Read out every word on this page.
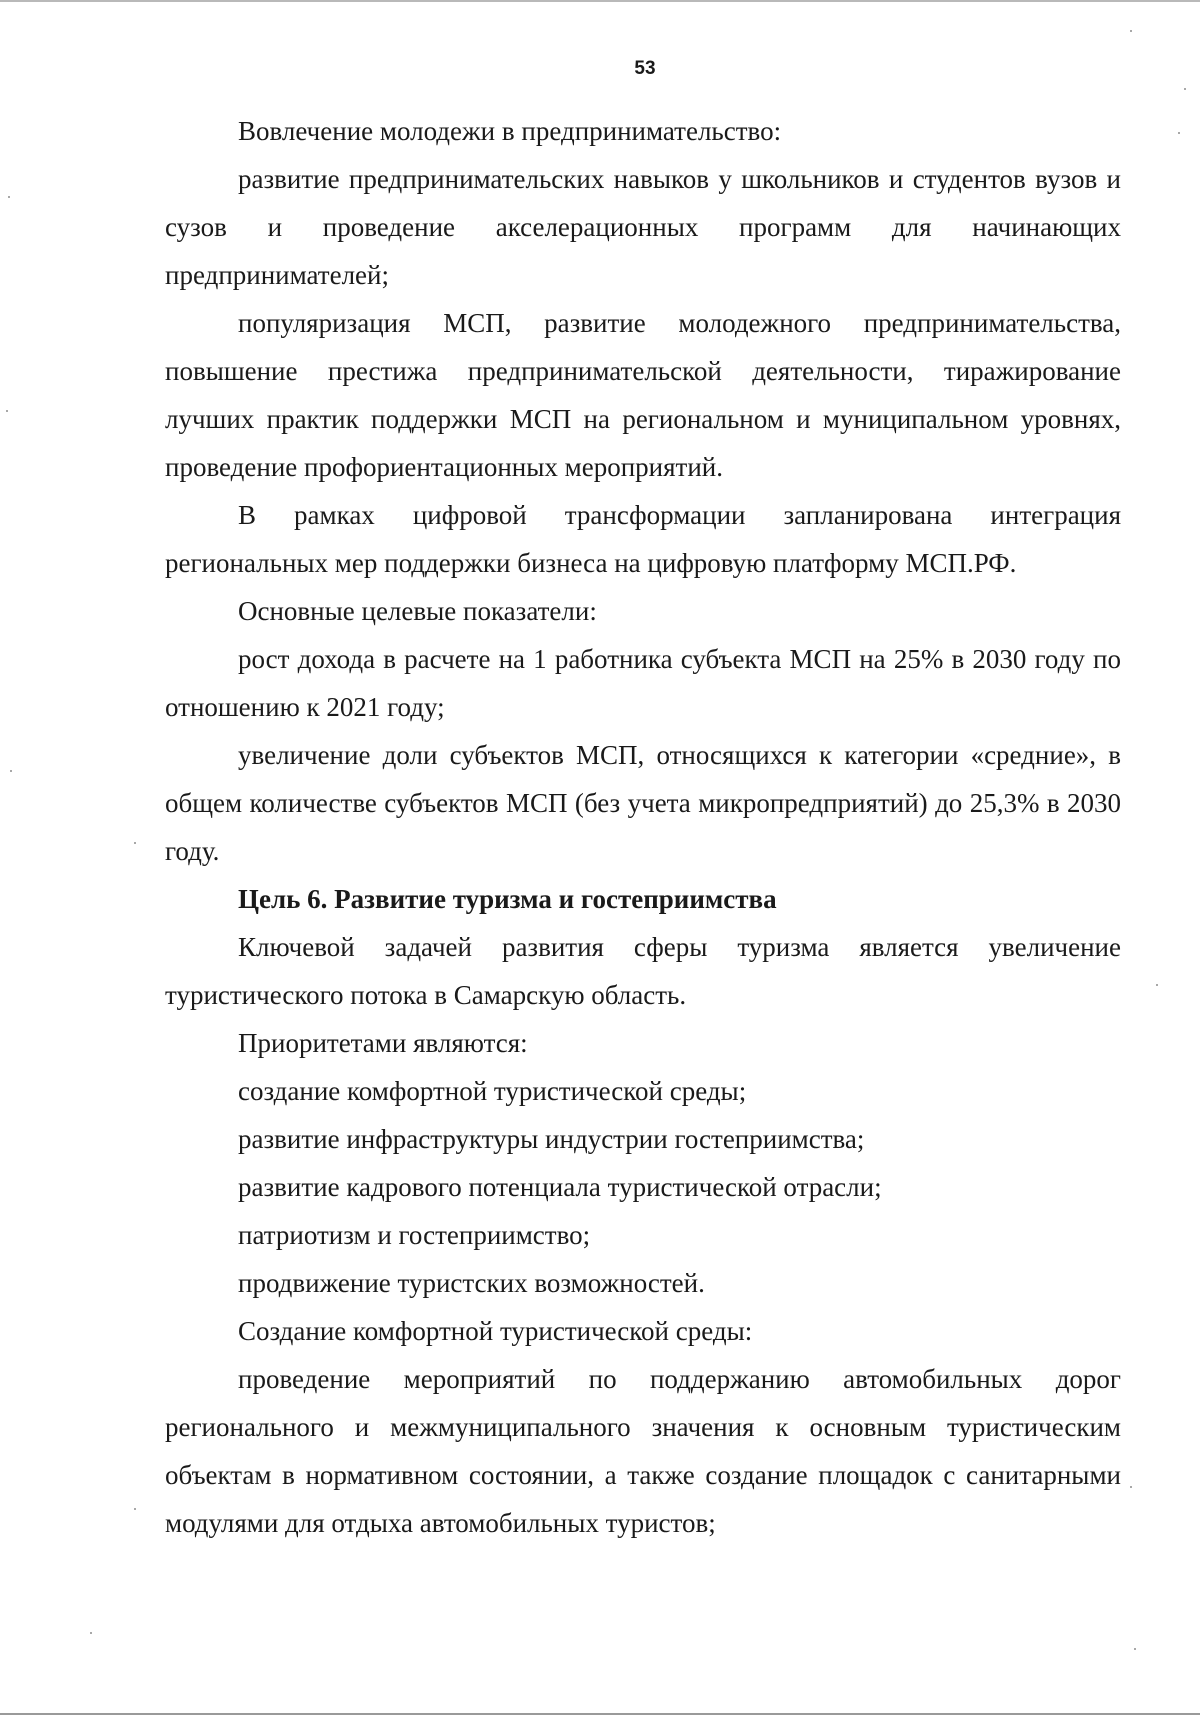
53

Вовлечение молодежи в предпринимательство:

развитие предпринимательских навыков у школьников и студентов вузов и сузов и проведение акселерационных программ для начинающих предпринимателей;

популяризация МСП, развитие молодежного предпринимательства, повышение престижа предпринимательской деятельности, тиражирование лучших практик поддержки МСП на региональном и муниципальном уровнях, проведение профориентационных мероприятий.

В рамках цифровой трансформации запланирована интеграция региональных мер поддержки бизнеса на цифровую платформу МСП.РФ.

Основные целевые показатели:

рост дохода в расчете на 1 работника субъекта МСП на 25% в 2030 году по отношению к 2021 году;

увеличение доли субъектов МСП, относящихся к категории «средние», в общем количестве субъектов МСП (без учета микропредприятий) до 25,3% в 2030 году.

Цель 6. Развитие туризма и гостеприимства

Ключевой задачей развития сферы туризма является увеличение туристического потока в Самарскую область.

Приоритетами являются:

создание комфортной туристической среды;

развитие инфраструктуры индустрии гостеприимства;

развитие кадрового потенциала туристической отрасли;

патриотизм и гостеприимство;

продвижение туристских возможностей.

Создание комфортной туристической среды:

проведение мероприятий по поддержанию автомобильных дорог регионального и межмуниципального значения к основным туристическим объектам в нормативном состоянии, а также создание площадок с санитарными модулями для отдыха автомобильных туристов;
